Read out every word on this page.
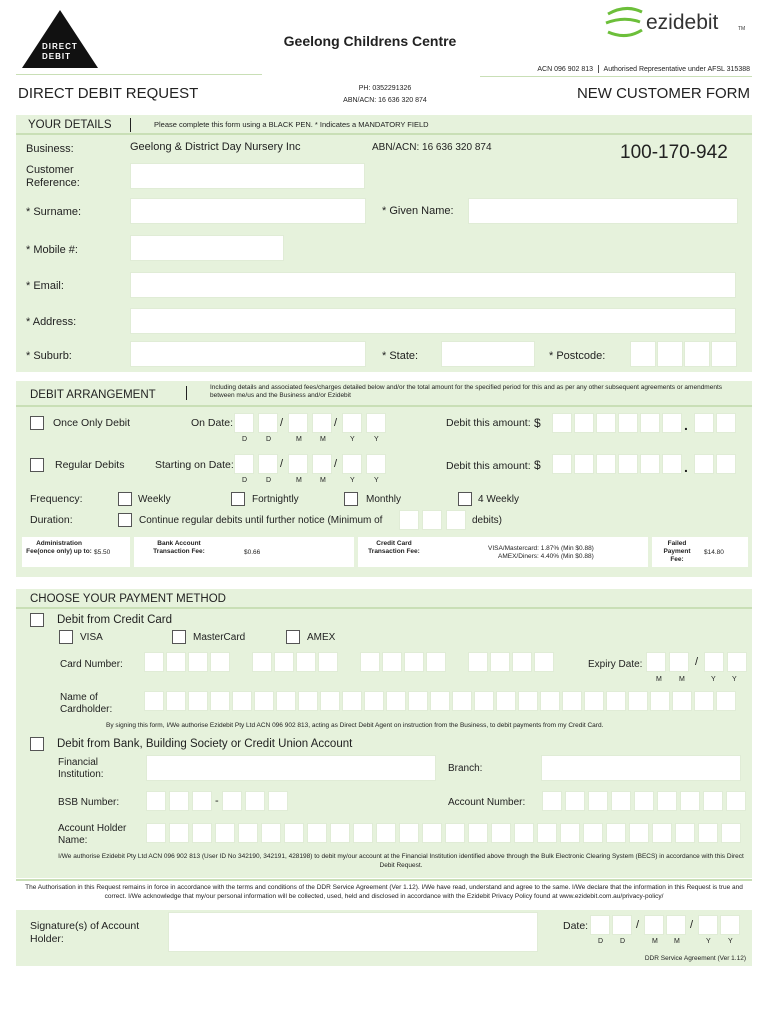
DIRECT
DEBIT
Geelong Childrens Centre
ezidebit	TM
ACN 096 902 813 Authorised Representative under AFSL 315388
DIRECT DEBIT REQUEST	PH: 0352291326
ABN/ACN: 16 636 320 874	NEW CUSTOMER FORM
YOUR DETAILS	Please complete this form using a BLACK PEN. * Indicates a MANDATORY FIELD
Business:	Geelong & District Day Nursery Inc	ABN/ACN: 16 636 320 874	100-170-942
Customer Reference:
* Surname:	* Given Name:
* Mobile #:
* Email:
* Address:
* Suburb:	* State:	* Postcode:
DEBIT ARRANGEMENT
Including details and associated fees/charges detailed below and/or the total amount for the specified period for this and as per any other subsequent agreements or amendments between me/us and the Business and/or Ezidebit
Once Only Debit	On Date:	/	/
D	D	M	M	Y	Y
Debit this amount: $	.
Regular Debits	Starting on Date:	/	/
D	D	M	M	Y	Y
Debit this amount: $	.
Frequency:	Weekly	Fortnightly	Monthly	4 Weekly
Duration:	Continue regular debits until further notice (Minimum of	debits)
Administration Fee(once only) up to: $5.50
Bank Account Transaction Fee:	$0.66
Credit Card Transaction Fee:	VISA/Mastercard: 1.87% (Min $0.88)
AMEX/Diners: 4.40% (Min $0.88)
Failed Payment Fee:
$14.80
CHOOSE YOUR PAYMENT METHOD
Debit from Credit Card
VISA	MasterCard	AMEX
Card Number:	Expiry Date:	/
M M	Y Y
Name of Cardholder:
By signing this form, I/We authorise Ezidebit Pty Ltd ACN 096 902 813, acting as Direct Debit Agent on instruction from the Business, to debit payments from my Credit Card.
Debit from Bank, Building Society or Credit Union Account
Financial Institution:
Branch:
BSB Number:	-	Account Number:
Account Holder Name:
I/We authorise Ezidebit Pty Ltd ACN 096 902 813 (User ID No 342190, 342191, 428198) to debit my/our account at the Financial Institution identified above through the Bulk Electronic Clearing System (BECS) in accordance with this Direct Debit Request.
The Authorisation in this Request remains in force in accordance with the terms and conditions of the DDR Service Agreement (Ver 1.12). I/We have read, understand and agree to the same. I/We declare that the information in this Request is true and correct. I/We acknowledge that my/our personal information will be collected, used, held and disclosed in accordance with the Ezidebit Privacy Policy found at www.ezidebit.com.au/privacy-policy/
Signature(s) of Account Holder:
Date:	/	/
D D	M M	Y Y
DDR Service Agreement (Ver 1.12)
